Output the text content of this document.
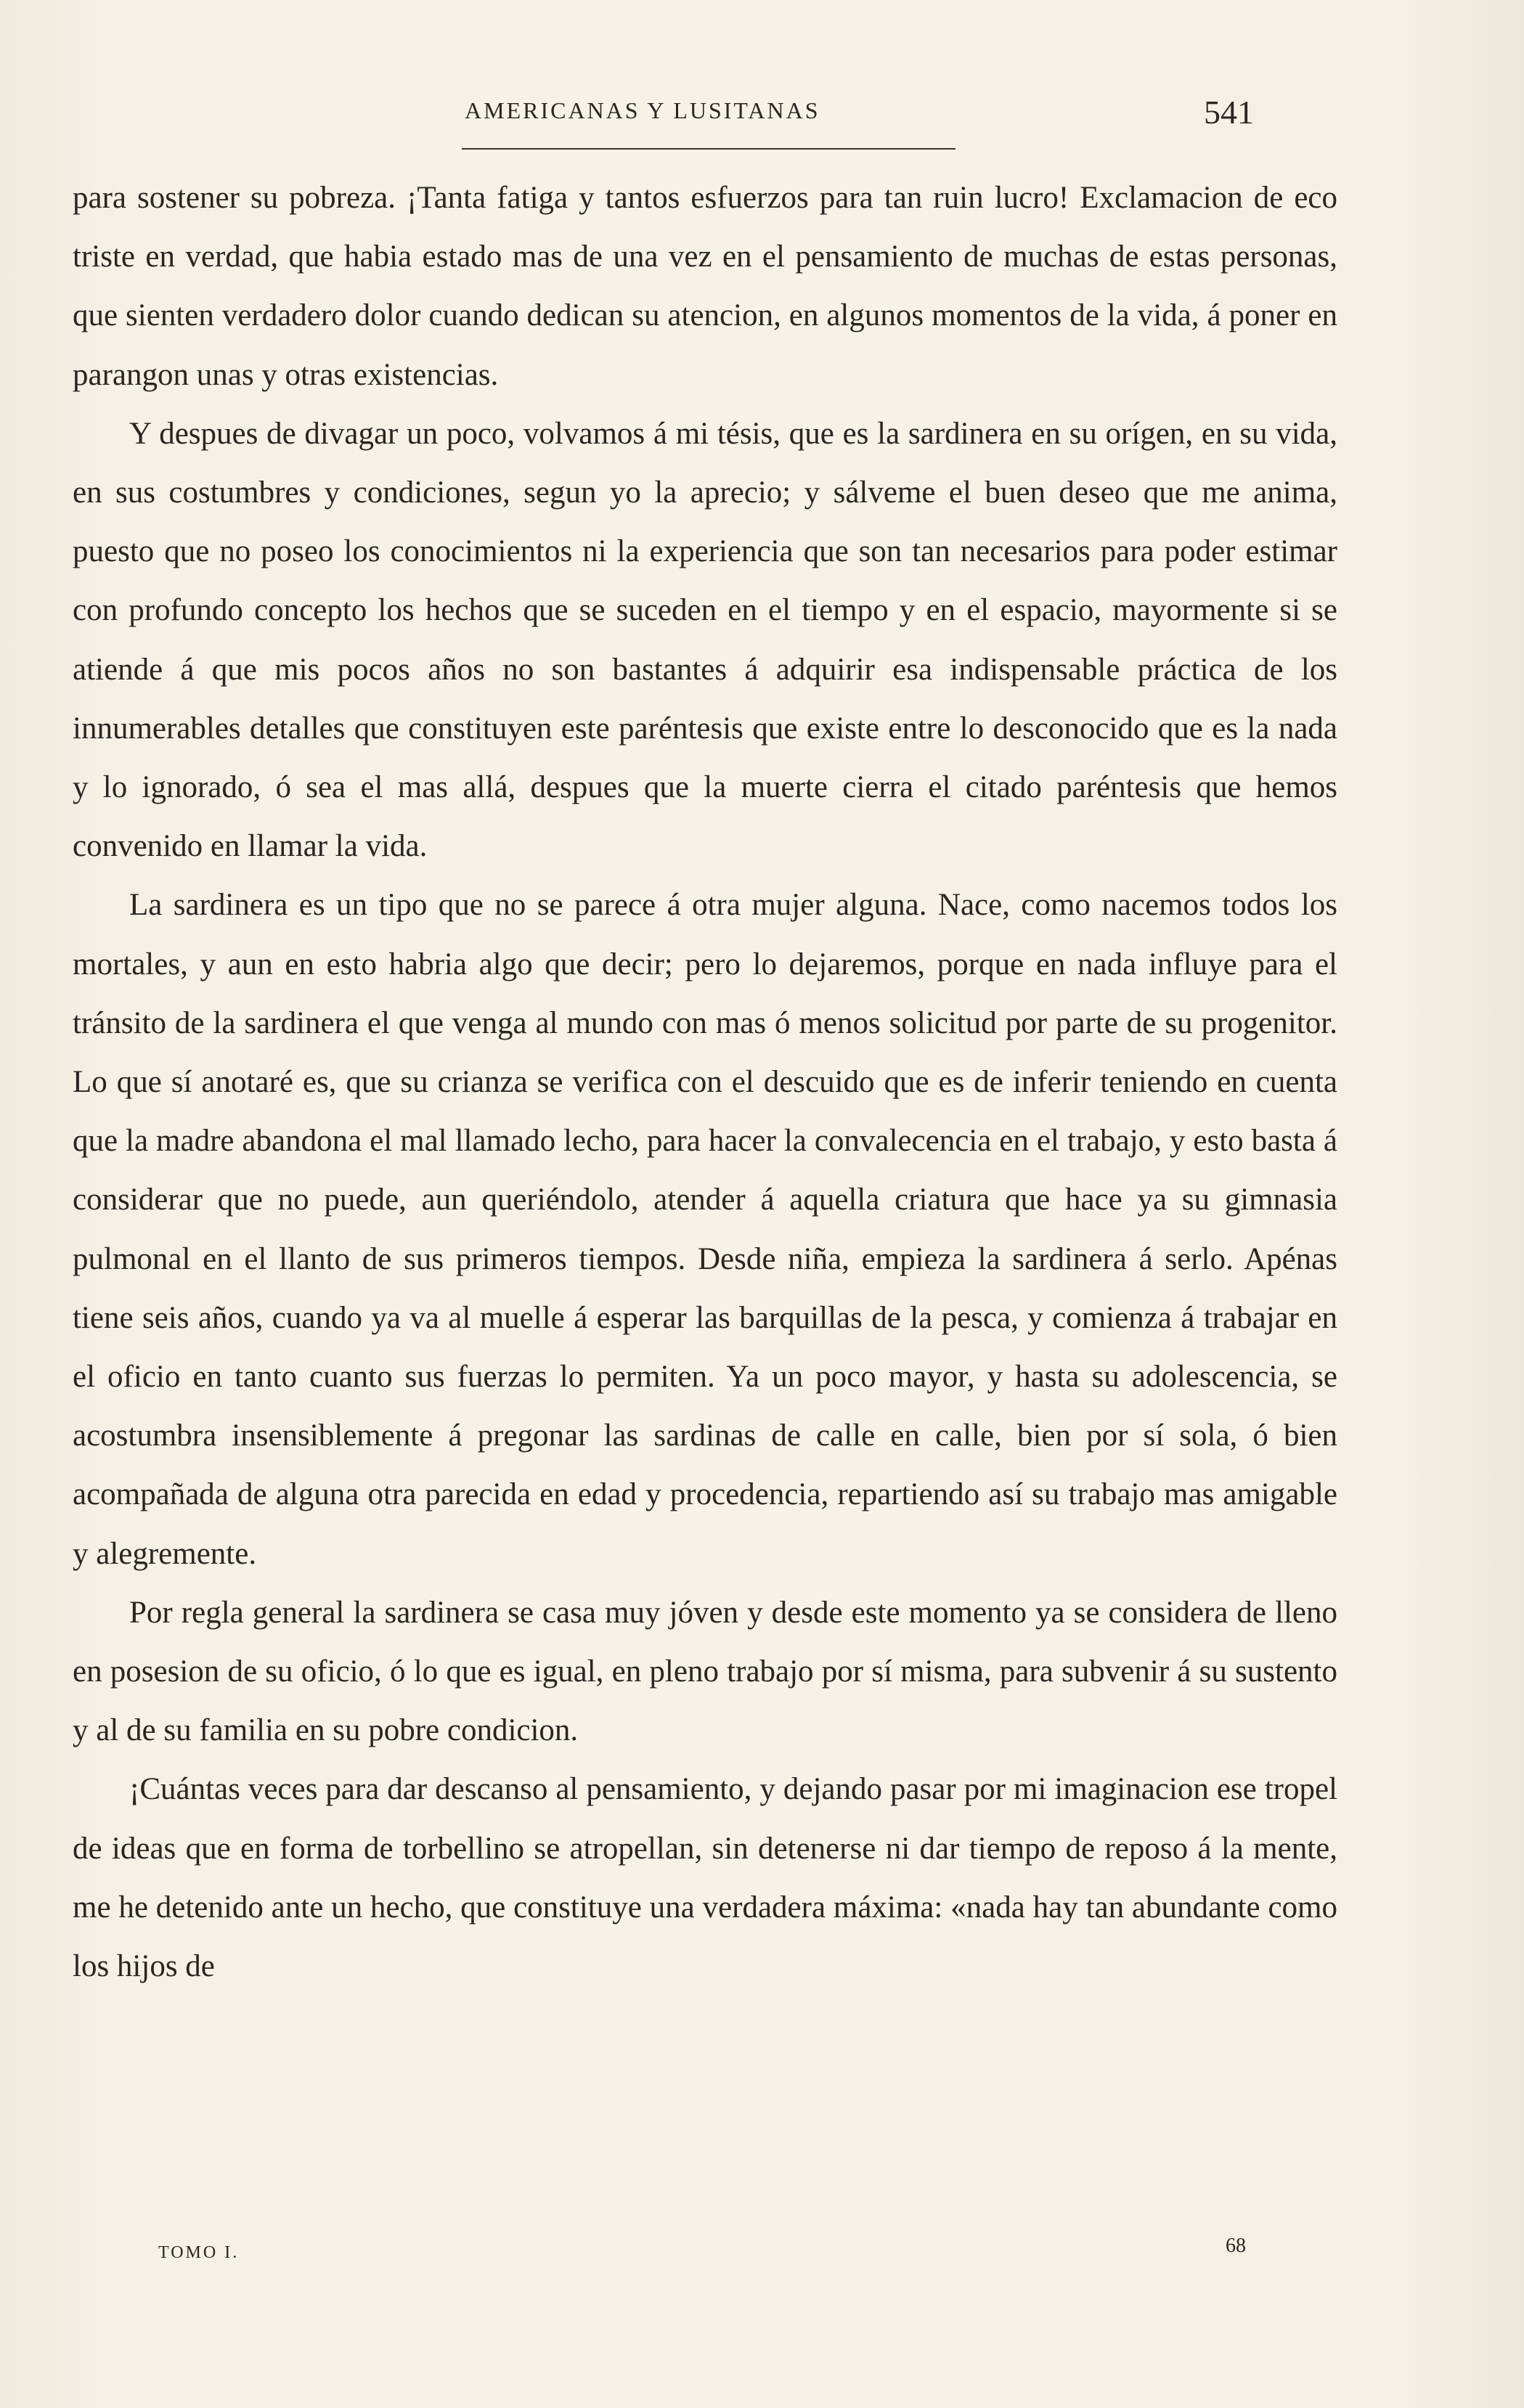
AMERICANAS Y LUSITANAS	541

para sostener su pobreza. ¡Tanta fatiga y tantos esfuerzos para tan ruin lucro! Exclamacion de eco triste en verdad, que habia estado mas de una vez en el pensamiento de muchas de estas personas, que sienten verdadero dolor cuando dedican su atencion, en algunos momentos de la vida, á poner en parangon unas y otras existencias.

Y despues de divagar un poco, volvamos á mi tésis, que es la sardinera en su orígen, en su vida, en sus costumbres y condiciones, segun yo la aprecio; y sálveme el buen deseo que me anima, puesto que no poseo los conocimientos ni la experiencia que son tan necesarios para poder estimar con profundo concepto los hechos que se suceden en el tiempo y en el espacio, mayormente si se atiende á que mis pocos años no son bastantes á adquirir esa indispensable práctica de los innumerables detalles que constituyen este paréntesis que existe entre lo desconocido que es la nada y lo ignorado, ó sea el mas allá, despues que la muerte cierra el citado paréntesis que hemos convenido en llamar la vida.

La sardinera es un tipo que no se parece á otra mujer alguna. Nace, como nacemos todos los mortales, y aun en esto habria algo que decir; pero lo dejaremos, porque en nada influye para el tránsito de la sardinera el que venga al mundo con mas ó menos solicitud por parte de su progenitor. Lo que sí anotaré es, que su crianza se verifica con el descuido que es de inferir teniendo en cuenta que la madre abandona el mal llamado lecho, para hacer la convalecencia en el trabajo, y esto basta á considerar que no puede, aun queriéndolo, atender á aquella criatura que hace ya su gimnasia pulmonal en el llanto de sus primeros tiempos. Desde niña, empieza la sardinera á serlo. Apénas tiene seis años, cuando ya va al muelle á esperar las barquillas de la pesca, y comienza á trabajar en el oficio en tanto cuanto sus fuerzas lo permiten. Ya un poco mayor, y hasta su adolescencia, se acostumbra insensiblemente á pregonar las sardinas de calle en calle, bien por sí sola, ó bien acompañada de alguna otra parecida en edad y procedencia, repartiendo así su trabajo mas amigable y alegremente.

Por regla general la sardinera se casa muy jóven y desde este momento ya se considera de lleno en posesion de su oficio, ó lo que es igual, en pleno trabajo por sí misma, para subvenir á su sustento y al de su familia en su pobre condicion.

¡Cuántas veces para dar descanso al pensamiento, y dejando pasar por mi imaginacion ese tropel de ideas que en forma de torbellino se atropellan, sin detenerse ni dar tiempo de reposo á la mente, me he detenido ante un hecho, que constituye una verdadera máxima: «nada hay tan abundante como los hijos de

TOMO I.	68
